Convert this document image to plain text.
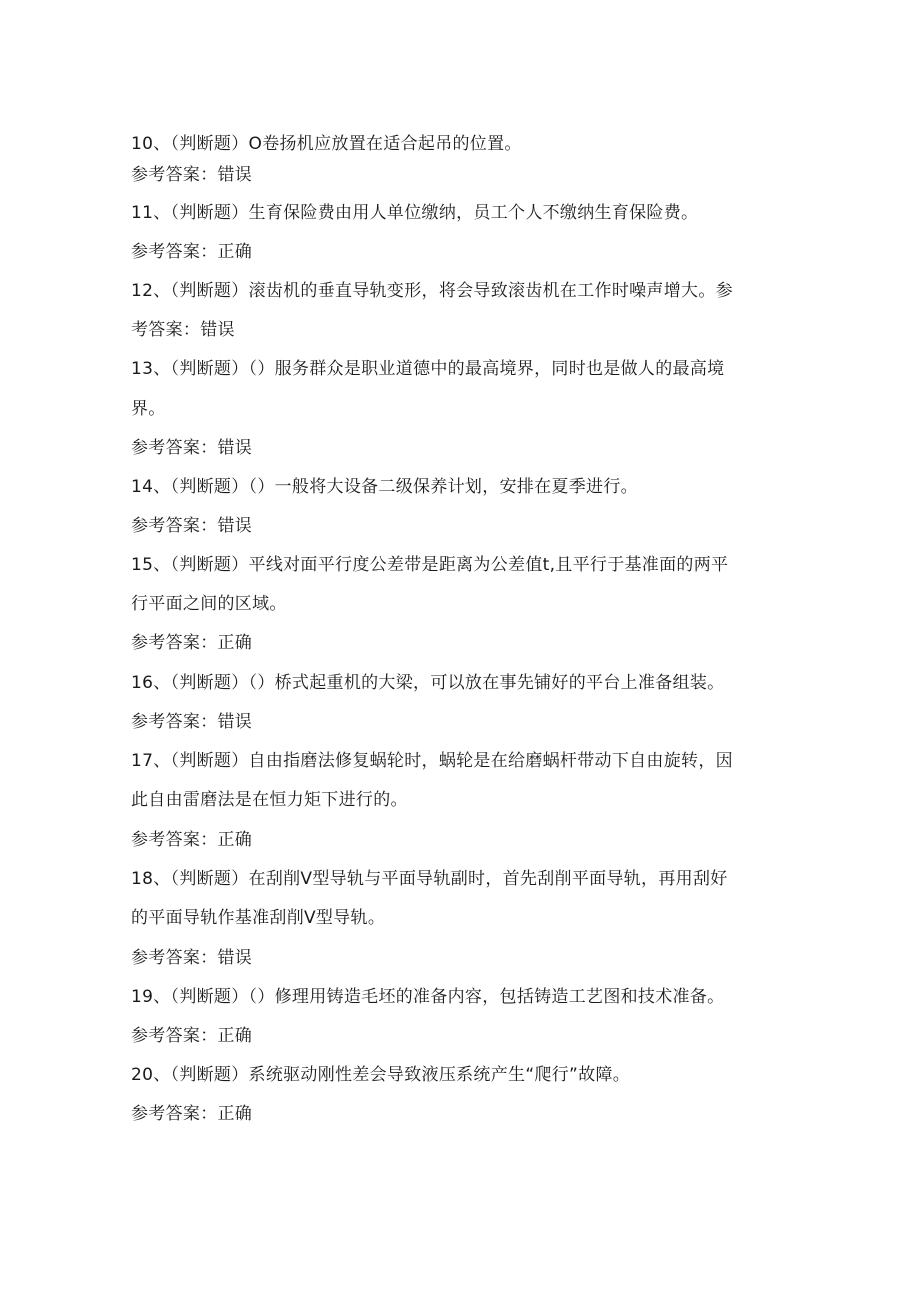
10、（判断题）O卷扬机应放置在适合起吊的位置。
参考答案：错误
11、（判断题）生育保险费由用人单位缴纳，员工个人不缴纳生育保险费。
参考答案：正确
12、（判断题）滚齿机的垂直导轨变形，将会导致滚齿机在工作时噪声增大。参
考答案：错误
13、（判断题）（）服务群众是职业道德中的最高境界，同时也是做人的最高境
界。
参考答案：错误
14、（判断题）（）一般将大设备二级保养计划，安排在夏季进行。
参考答案：错误
15、（判断题）平线对面平行度公差带是距离为公差值t,且平行于基准面的两平
行平面之间的区域。
参考答案：正确
16、（判断题）（）桥式起重机的大梁，可以放在事先铺好的平台上准备组装。
参考答案：错误
17、（判断题）自由指磨法修复蜗轮时，蜗轮是在给磨蜗杆带动下自由旋转，因
此自由雷磨法是在恒力矩下进行的。
参考答案：正确
18、（判断题）在刮削V型导轨与平面导轨副时，首先刮削平面导轨，再用刮好
的平面导轨作基准刮削V型导轨。
参考答案：错误
19、（判断题）（）修理用铸造毛坯的准备内容，包括铸造工艺图和技术准备。
参考答案：正确
20、（判断题）系统驱动刚性差会导致液压系统产生“爬行”故障。
参考答案：正确
